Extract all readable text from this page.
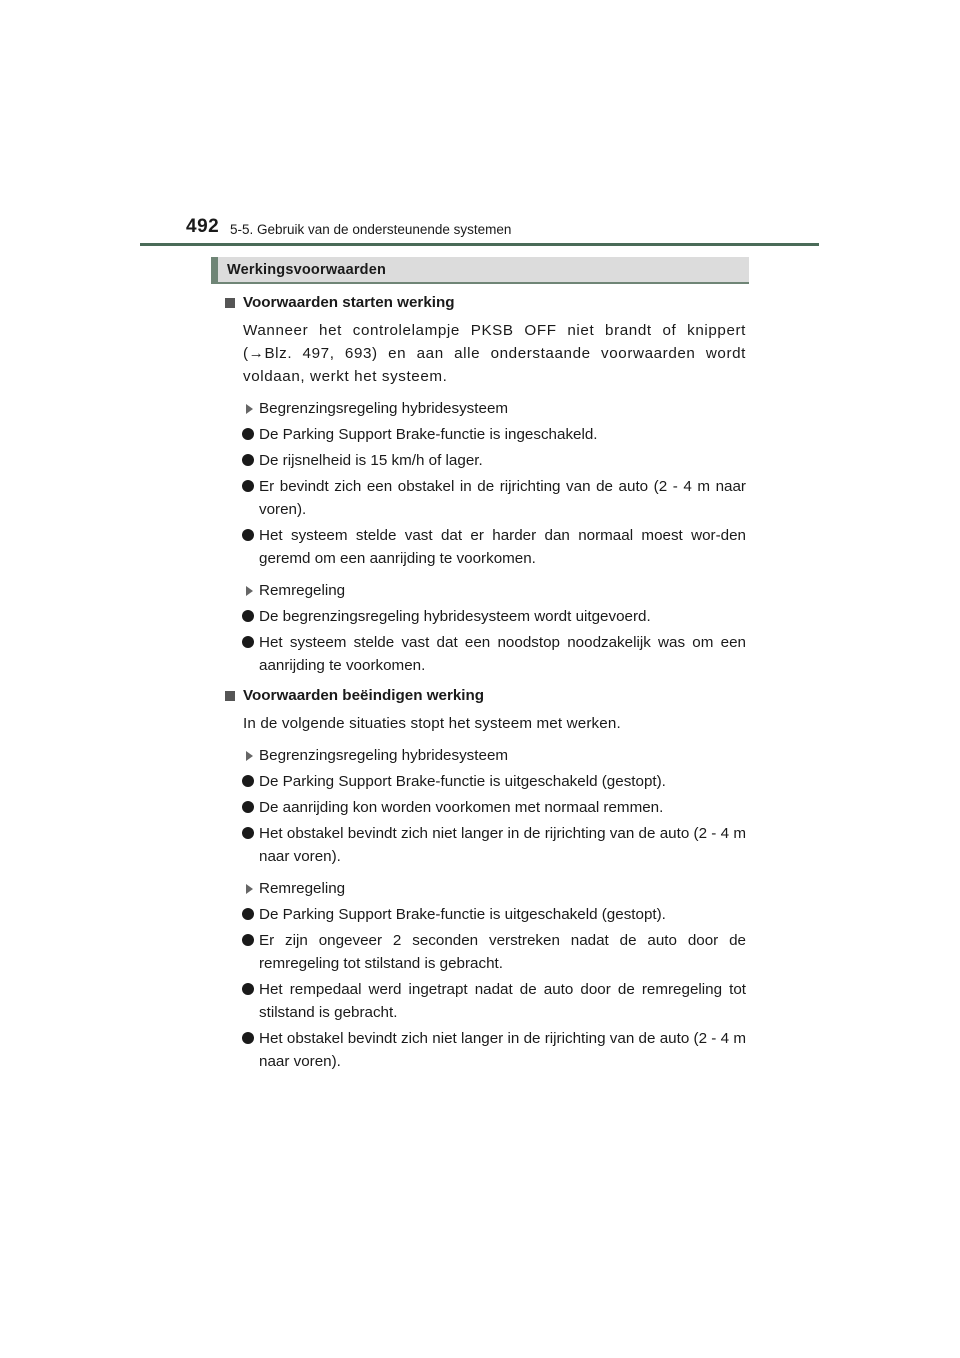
492 5-5. Gebruik van de ondersteunende systemen
Werkingsvoorwaarden
Voorwaarden starten werking
Wanneer het controlelampje PKSB OFF niet brandt of knippert (→Blz. 497, 693) en aan alle onderstaande voorwaarden wordt voldaan, werkt het systeem.
Begrenzingsregeling hybridesysteem
De Parking Support Brake-functie is ingeschakeld.
De rijsnelheid is 15 km/h of lager.
Er bevindt zich een obstakel in de rijrichting van de auto (2 - 4 m naar voren).
Het systeem stelde vast dat er harder dan normaal moest wor-den geremd om een aanrijding te voorkomen.
Remregeling
De begrenzingsregeling hybridesysteem wordt uitgevoerd.
Het systeem stelde vast dat een noodstop noodzakelijk was om een aanrijding te voorkomen.
Voorwaarden beëindigen werking
In de volgende situaties stopt het systeem met werken.
Begrenzingsregeling hybridesysteem
De Parking Support Brake-functie is uitgeschakeld (gestopt).
De aanrijding kon worden voorkomen met normaal remmen.
Het obstakel bevindt zich niet langer in de rijrichting van de auto (2 - 4 m naar voren).
Remregeling
De Parking Support Brake-functie is uitgeschakeld (gestopt).
Er zijn ongeveer 2 seconden verstreken nadat de auto door de remregeling tot stilstand is gebracht.
Het rempedaal werd ingetrapt nadat de auto door de remregeling tot stilstand is gebracht.
Het obstakel bevindt zich niet langer in de rijrichting van de auto (2 - 4 m naar voren).
